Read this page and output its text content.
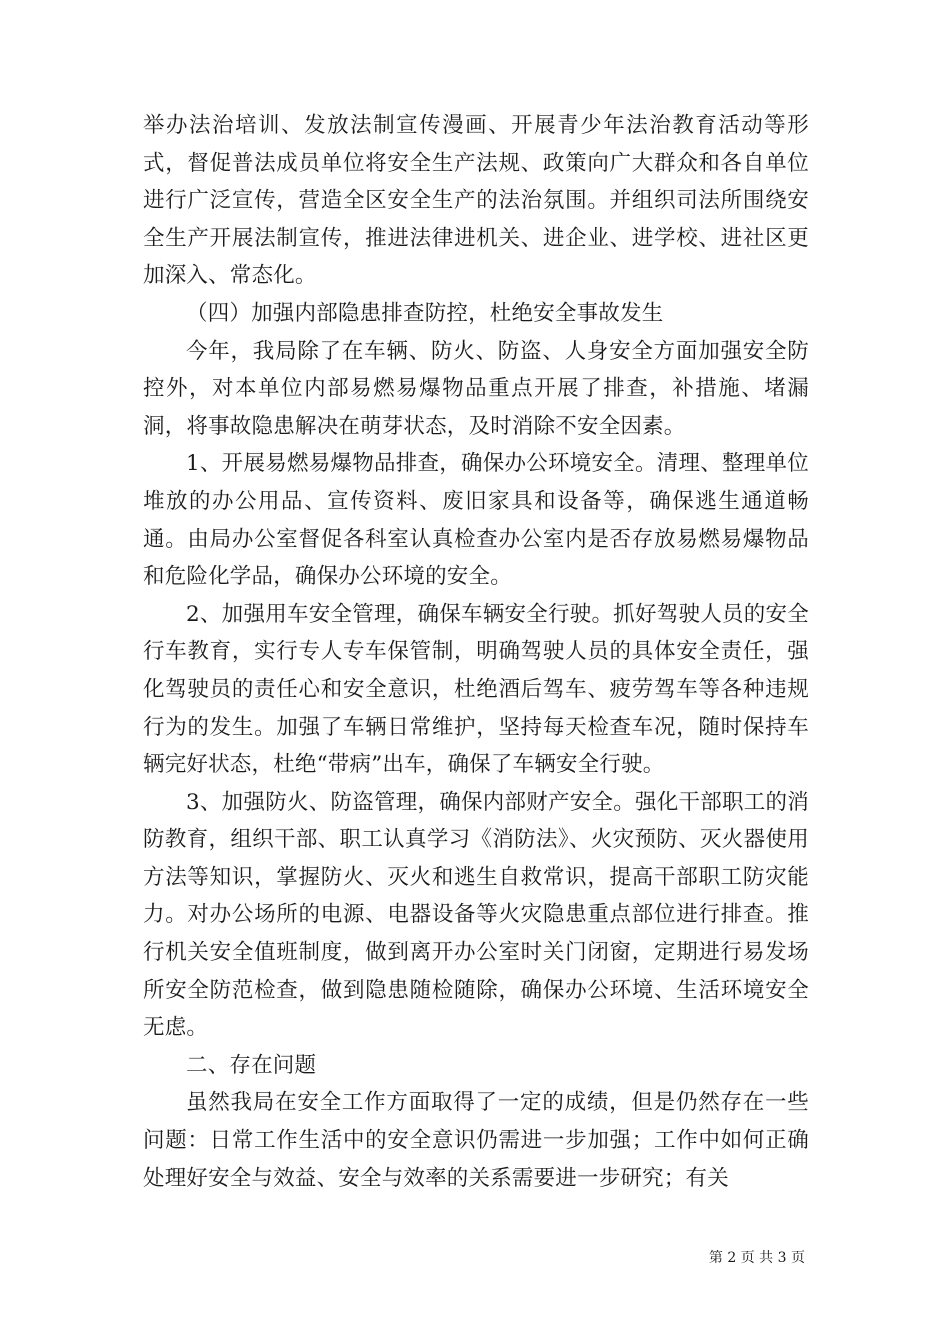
举办法治培训、发放法制宣传漫画、开展青少年法治教育活动等形式，督促普法成员单位将安全生产法规、政策向广大群众和各自单位进行广泛宣传，营造全区安全生产的法治氛围。并组织司法所围绕安全生产开展法制宣传，推进法律进机关、进企业、进学校、进社区更加深入、常态化。

（四）加强内部隐患排查防控，杜绝安全事故发生

今年，我局除了在车辆、防火、防盗、人身安全方面加强安全防控外，对本单位内部易燃易爆物品重点开展了排查，补措施、堵漏洞，将事故隐患解决在萌芽状态，及时消除不安全因素。

1、开展易燃易爆物品排查，确保办公环境安全。清理、整理单位堆放的办公用品、宣传资料、废旧家具和设备等，确保逃生通道畅通。由局办公室督促各科室认真检查办公室内是否存放易燃易爆物品和危险化学品，确保办公环境的安全。

2、加强用车安全管理，确保车辆安全行驶。抓好驾驶人员的安全行车教育，实行专人专车保管制，明确驾驶人员的具体安全责任，强化驾驶员的责任心和安全意识，杜绝酒后驾车、疲劳驾车等各种违规行为的发生。加强了车辆日常维护，坚持每天检查车况，随时保持车辆完好状态，杜绝“带病”出车，确保了车辆安全行驶。

3、加强防火、防盗管理，确保内部财产安全。强化干部职工的消防教育，组织干部、职工认真学习《消防法》、火灾预防、灭火器使用方法等知识，掌握防火、灭火和逃生自救常识，提高干部职工防灾能力。对办公场所的电源、电器设备等火灾隐患重点部位进行排查。推行机关安全值班制度，做到离开办公室时关门闭窗，定期进行易发场所安全防范检查，做到隐患随检随除，确保办公环境、生活环境安全无虑。

二、存在问题

虽然我局在安全工作方面取得了一定的成绩，但是仍然存在一些问题：日常工作生活中的安全意识仍需进一步加强；工作中如何正确处理好安全与效益、安全与效率的关系需要进一步研究；有关

第 2 页 共 3 页
